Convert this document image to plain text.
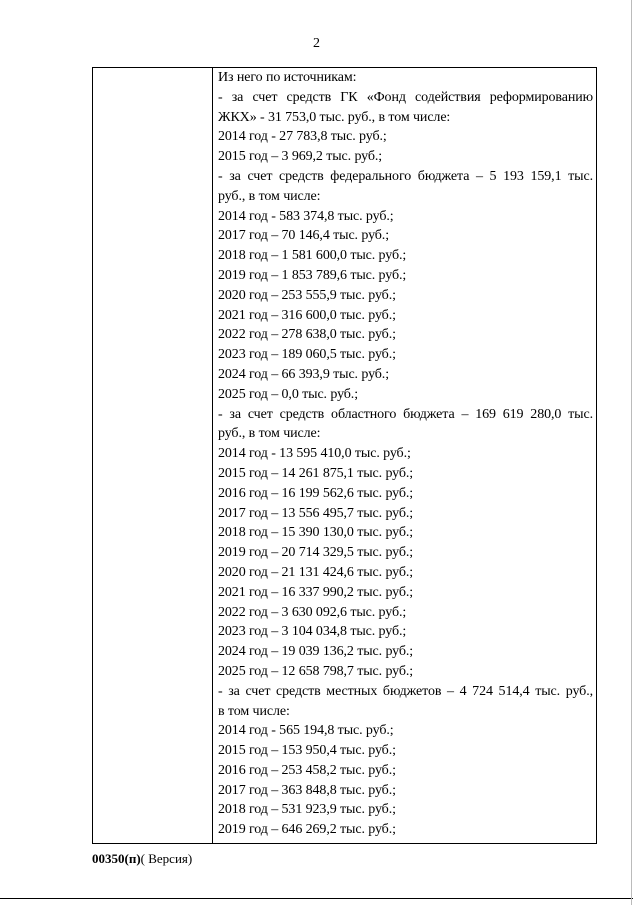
2
Из него по источникам:
- за счет средств ГК «Фонд содействия реформированию
ЖКХ» - 31 753,0 тыс. руб., в том числе:
2014 год - 27 783,8 тыс. руб.;
2015 год – 3 969,2 тыс. руб.;
- за счет средств федерального бюджета – 5 193 159,1 тыс.
руб., в том числе:
2014 год - 583 374,8 тыс. руб.;
2017 год – 70 146,4 тыс. руб.;
2018 год – 1 581 600,0 тыс. руб.;
2019 год – 1 853 789,6 тыс. руб.;
2020 год – 253 555,9 тыс. руб.;
2021 год – 316 600,0 тыс. руб.;
2022 год – 278 638,0 тыс. руб.;
2023 год – 189 060,5 тыс. руб.;
2024 год – 66 393,9 тыс. руб.;
2025 год – 0,0 тыс. руб.;
- за счет средств областного бюджета – 169 619 280,0 тыс.
руб., в том числе:
2014 год - 13 595 410,0 тыс. руб.;
2015 год – 14 261 875,1 тыс. руб.;
2016 год – 16 199 562,6 тыс. руб.;
2017 год – 13 556 495,7 тыс. руб.;
2018 год – 15 390 130,0 тыс. руб.;
2019 год – 20 714 329,5 тыс. руб.;
2020 год – 21 131 424,6 тыс. руб.;
2021 год – 16 337 990,2 тыс. руб.;
2022 год – 3 630 092,6 тыс. руб.;
2023 год – 3 104 034,8 тыс. руб.;
2024 год – 19 039 136,2 тыс. руб.;
2025 год – 12 658 798,7 тыс. руб.;
- за счет средств местных бюджетов – 4 724 514,4 тыс. руб.,
в том числе:
2014 год - 565 194,8 тыс. руб.;
2015 год – 153 950,4 тыс. руб.;
2016 год – 253 458,2 тыс. руб.;
2017 год – 363 848,8 тыс. руб.;
2018 год – 531 923,9 тыс. руб.;
2019 год – 646 269,2 тыс. руб.;
00350(п)( Версия)
